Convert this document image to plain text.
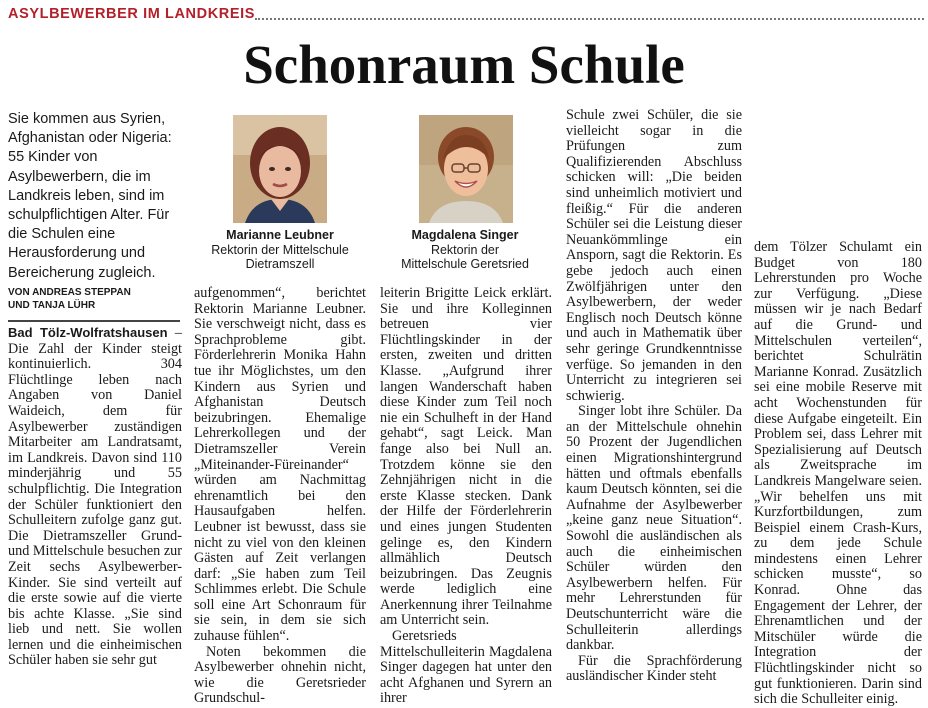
ASYLBEWERBER IM LANDKREIS
Schonraum Schule
Sie kommen aus Syrien, Afghanistan oder Nigeria: 55 Kinder von Asylbewerbern, die im Landkreis leben, sind im schulpflichtigen Alter. Für die Schulen eine Herausforderung und Bereicherung zugleich.
VON ANDREAS STEPPAN
UND TANJA LÜHR
Marianne Leubner
Rektorin der Mittelschule
Dietramszell
Magdalena Singer
Rektorin der
Mittelschule Geretsried

Bad Tölz-Wolfratshausen – Die Zahl der Kinder steigt kontinuierlich. 304 Flüchtlinge leben nach Angaben von Daniel Waideich, dem für Asylbewerber zuständigen Mitarbeiter am Landratsamt, im Landkreis. Davon sind 110 minderjährig und 55 schulpflichtig. Die Integration der Schüler funktioniert den Schulleitern zufolge ganz gut. Die Dietramszeller Grund- und Mittelschule besuchen zur Zeit sechs Asylbewerber-Kinder. Sie sind verteilt auf die erste sowie auf die vierte bis achte Klasse. „Sie sind lieb und nett. Sie wollen lernen und die einheimischen Schüler haben sie sehr gut

aufgenommen“, berichtet Rektorin Marianne Leubner. Sie verschweigt nicht, dass es Sprachprobleme gibt. Förderlehrerin Monika Hahn tue ihr Möglichstes, um den Kindern aus Syrien und Afghanistan Deutsch beizubringen. Ehemalige Lehrerkollegen und der Dietramszeller Verein „Miteinander-Füreinander“ würden am Nachmittag ehrenamtlich bei den Hausaufgaben helfen. Leubner ist bewusst, dass sie nicht zu viel von den kleinen Gästen auf Zeit verlangen darf: „Sie haben zum Teil Schlimmes erlebt. Die Schule soll eine Art Schonraum für sie sein, in dem sie sich zuhause fühlen“.

Noten bekommen die Asylbewerber ohnehin nicht, wie die Geretsrieder Grundschul-

leiterin Brigitte Leick erklärt. Sie und ihre Kolleginnen betreuen vier Flüchtlingskinder in der ersten, zweiten und dritten Klasse. „Aufgrund ihrer langen Wanderschaft haben diese Kinder zum Teil noch nie ein Schulheft in der Hand gehabt“, sagt Leick. Man fange also bei Null an. Trotzdem könne sie den Zehnjährigen nicht in die erste Klasse stecken. Dank der Hilfe der Förderlehrerin und eines jungen Studenten gelinge es, den Kindern allmählich Deutsch beizubringen. Das Zeugnis werde lediglich eine Anerkennung ihrer Teilnahme am Unterricht sein.

Geretsrieds Mittelschulleiterin Magdalena Singer dagegen hat unter den acht Afghanen und Syrern an ihrer

Schule zwei Schüler, die sie vielleicht sogar in die Prüfungen zum Qualifizierenden Abschluss schicken will: „Die beiden sind unheimlich motiviert und fleißig.“ Für die anderen Schüler sei die Leistung dieser Neuankömmlinge ein Ansporn, sagt die Rektorin. Es gebe jedoch auch einen Zwölfjährigen unter den Asylbewerbern, der weder Englisch noch Deutsch könne und auch in Mathematik über sehr geringe Grundkenntnisse verfüge. So jemanden in den Unterricht zu integrieren sei schwierig.

Singer lobt ihre Schüler. Da an der Mittelschule ohnehin 50 Prozent der Jugendlichen einen Migrationshintergrund hätten und oftmals ebenfalls kaum Deutsch könnten, sei die Aufnahme der Asylbewerber „keine ganz neue Situation“. Sowohl die ausländischen als auch die einheimischen Schüler würden den Asylbewerbern helfen. Für mehr Lehrerstunden für Deutschunterricht wäre die Schulleiterin allerdings dankbar.

Für die Sprachförderung ausländischer Kinder steht

dem Tölzer Schulamt ein Budget von 180 Lehrerstunden pro Woche zur Verfügung. „Diese müssen wir je nach Bedarf auf die Grund- und Mittelschulen verteilen“, berichtet Schulrätin Marianne Konrad. Zusätzlich sei eine mobile Reserve mit acht Wochenstunden für diese Aufgabe eingeteilt. Ein Problem sei, dass Lehrer mit Spezialisierung auf Deutsch als Zweitsprache im Landkreis Mangelware seien. „Wir behelfen uns mit Kurzfortbildungen, zum Beispiel einem Crash-Kurs, zu dem jede Schule mindestens einen Lehrer schicken musste“, so Konrad. Ohne das Engagement der Lehrer, der Ehrenamtlichen und der Mitschüler würde die Integration der Flüchtlingskinder nicht so gut funktionieren. Darin sind sich die Schulleiter einig.
